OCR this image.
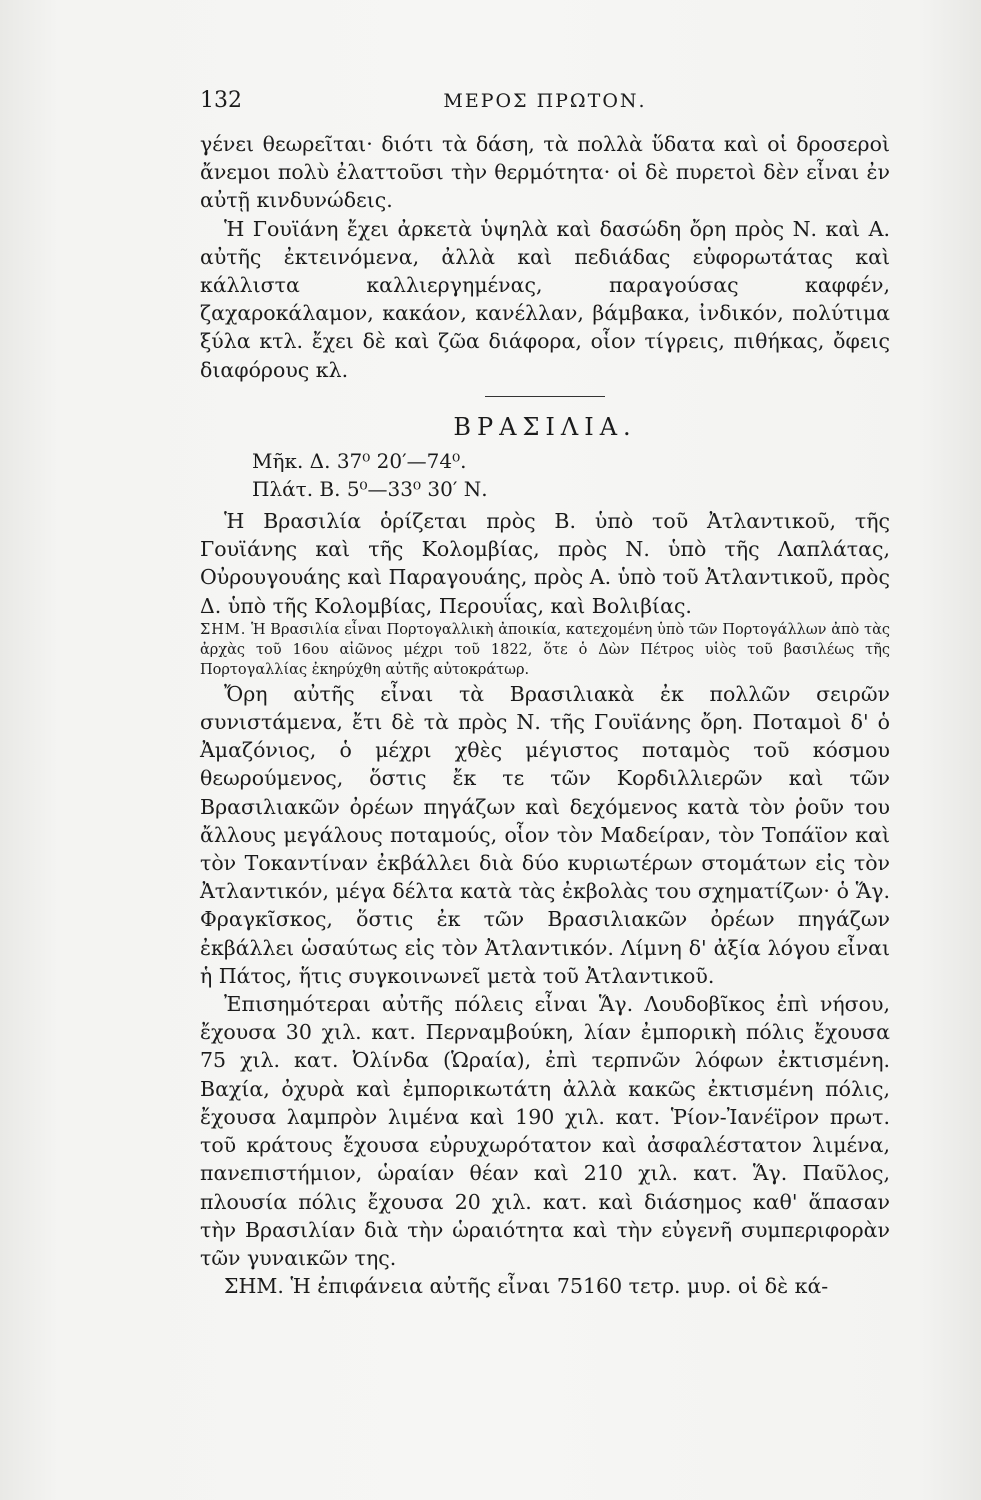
132	ΜΕΡΟΣ ΠΡΩΤΟΝ.

γένει θεωρεῖται· διότι τὰ δάση, τὰ πολλὰ ὕδατα καὶ οἱ δροσεροὶ ἄνεμοι πολὺ ἐλαττοῦσι τὴν θερμότητα· οἱ δὲ πυρετοὶ δὲν εἶναι ἐν αὐτῇ κινδυνώδεις.

Ἡ Γουϊάνη ἔχει ἀρκετὰ ὑψηλὰ καὶ δασώδη ὄρη πρὸς Ν. καὶ Α. αὐτῆς ἐκτεινόμενα, ἀλλὰ καὶ πεδιάδας εὐφορωτάτας καὶ κάλλιστα καλλιεργημένας, παραγούσας καφφέν, ζαχαροκάλαμον, κακάον, κανέλλαν, βάμβακα, ἰνδικόν, πολύτιμα ξύλα κτλ. ἔχει δὲ καὶ ζῶα διάφορα, οἷον τίγρεις, πιθήκας, ὄφεις διαφόρους κλ.

ΒΡΑΣΙΛΙΑ.
Μῆκ. Δ. 37⁰ 20′—74⁰.
Πλάτ. Β. 5⁰—33⁰ 30′ Ν.

Ἡ Βρασιλία ὁρίζεται πρὸς Β. ὑπὸ τοῦ Ἀτλαντικοῦ, τῆς Γουϊάνης καὶ τῆς Κολομβίας, πρὸς Ν. ὑπὸ τῆς Λαπλάτας, Οὐρουγουάης καὶ Παραγουάης, πρὸς Α. ὑπὸ τοῦ Ἀτλαντικοῦ, πρὸς Δ. ὑπὸ τῆς Κολομβίας, Περουΐας, καὶ Βολιβίας.

ΣΗΜ. Ἡ Βρασιλία εἶναι Πορτογαλλικὴ ἀποικία, κατεχομένη ὑπὸ τῶν Πορτογάλλων ἀπὸ τὰς ἀρχὰς τοῦ 16ου αἰῶνος μέχρι τοῦ 1822, ὅτε ὁ Δὼν Πέτρος υἱὸς τοῦ βασιλέως τῆς Πορτογαλλίας ἐκηρύχθη αὐτῆς αὐτοκράτωρ.

Ὄρη αὐτῆς εἶναι τὰ Βρασιλιακὰ ἐκ πολλῶν σειρῶν συνιστάμενα, ἔτι δὲ τὰ πρὸς Ν. τῆς Γουϊάνης ὄρη. Ποταμοὶ δ' ὁ Ἀμαζόνιος, ὁ μέχρι χθὲς μέγιστος ποταμὸς τοῦ κόσμου θεωρούμενος, ὅστις ἔκ τε τῶν Κορδιλλιερῶν καὶ τῶν Βρασιλιακῶν ὀρέων πηγάζων καὶ δεχόμενος κατὰ τὸν ῥοῦν του ἄλλους μεγάλους ποταμούς, οἷον τὸν Μαδείραν, τὸν Τοπάϊον καὶ τὸν Τοκαντίναν ἐκβάλλει διὰ δύο κυριωτέρων στομάτων εἰς τὸν Ἀτλαντικόν, μέγα δέλτα κατὰ τὰς ἐκβολὰς του σχηματίζων· ὁ Ἅγ. Φραγκῖσκος, ὅστις ἐκ τῶν Βρασιλιακῶν ὀρέων πηγάζων ἐκβάλλει ὡσαύτως εἰς τὸν Ἀτλαντικόν. Λίμνη δ' ἀξία λόγου εἶναι ἡ Πάτος, ἥτις συγκοινωνεῖ μετὰ τοῦ Ἀτλαντικοῦ.

Ἐπισημότεραι αὐτῆς πόλεις εἶναι Ἅγ. Λουδοβῖκος ἐπὶ νήσου, ἔχουσα 30 χιλ. κατ. Περναμβούκη, λίαν ἐμπορικὴ πόλις ἔχουσα 75 χιλ. κατ. Ὀλίνδα (Ὡραία), ἐπὶ τερπνῶν λόφων ἐκτισμένη. Βαχία, ὀχυρὰ καὶ ἐμπορικωτάτη ἀλλὰ κακῶς ἐκτισμένη πόλις, ἔχουσα λαμπρὸν λιμένα καὶ 190 χιλ. κατ. Ῥίον-Ἰανέϊρον πρωτ. τοῦ κράτους ἔχουσα εὐρυχωρότατον καὶ ἀσφαλέστατον λιμένα, πανεπιστήμιον, ὡραίαν θέαν καὶ 210 χιλ. κατ. Ἅγ. Παῦλος, πλουσία πόλις ἔχουσα 20 χιλ. κατ. καὶ διάσημος καθ' ἅπασαν τὴν Βρασιλίαν διὰ τὴν ὡραιότητα καὶ τὴν εὐγενῆ συμπεριφορὰν τῶν γυναικῶν της.

ΣΗΜ. Ἡ ἐπιφάνεια αὐτῆς εἶναι 75160 τετρ. μυρ. οἱ δὲ κά-
